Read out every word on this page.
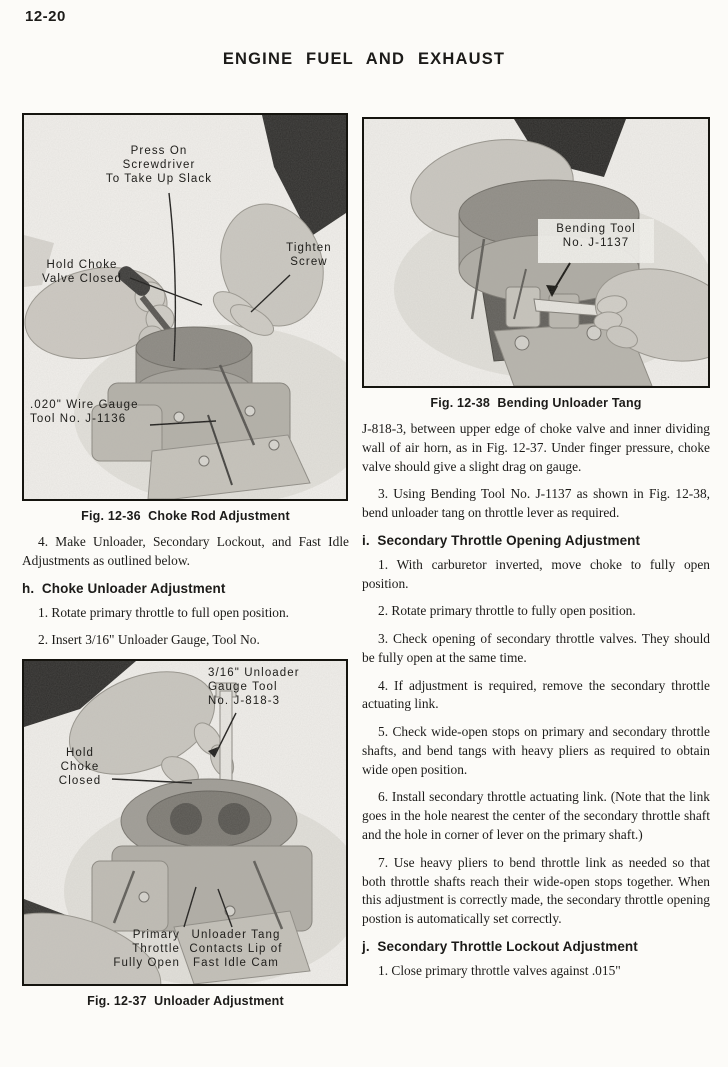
12-20
ENGINE FUEL AND EXHAUST
Press On
Screwdriver
To Take Up Slack
Hold Choke
Valve Closed
Tighten
Screw
.020" Wire Gauge
Tool No. J-1136
Fig. 12-36  Choke Rod Adjustment

4. Make Unloader, Secondary Lockout, and Fast Idle Adjustments as outlined below.

h.  Choke Unloader Adjustment

1. Rotate primary throttle to full open position.

2. Insert 3/16" Unloader Gauge, Tool No.

3/16" Unloader
Gauge Tool
No. J-818-3
Hold
Choke
Closed
Primary
Throttle
Fully Open
Unloader Tang
Contacts Lip of
Fast Idle Cam
Fig. 12-37  Unloader Adjustment
Bending Tool
No. J-1137
Fig. 12-38  Bending Unloader Tang

J-818-3, between upper edge of choke valve and inner dividing wall of air horn, as in Fig. 12-37. Under finger pressure, choke valve should give a slight drag on gauge.

3. Using Bending Tool No. J-1137 as shown in Fig. 12-38, bend unloader tang on throttle lever as required.

i.  Secondary Throttle Opening Adjustment

1. With carburetor inverted, move choke to fully open position.

2. Rotate primary throttle to fully open position.

3. Check opening of secondary throttle valves. They should be fully open at the same time.

4. If adjustment is required, remove the secondary throttle actuating link.

5. Check wide-open stops on primary and secondary throttle shafts, and bend tangs with heavy pliers as required to obtain wide open position.

6. Install secondary throttle actuating link. (Note that the link goes in the hole nearest the center of the secondary throttle shaft and the hole in corner of lever on the primary shaft.)

7. Use heavy pliers to bend throttle link as needed so that both throttle shafts reach their wide-open stops together. When this adjustment is correctly made, the secondary throttle opening postion is automatically set correctly.

j.  Secondary Throttle Lockout Adjustment

1. Close primary throttle valves against .015"
